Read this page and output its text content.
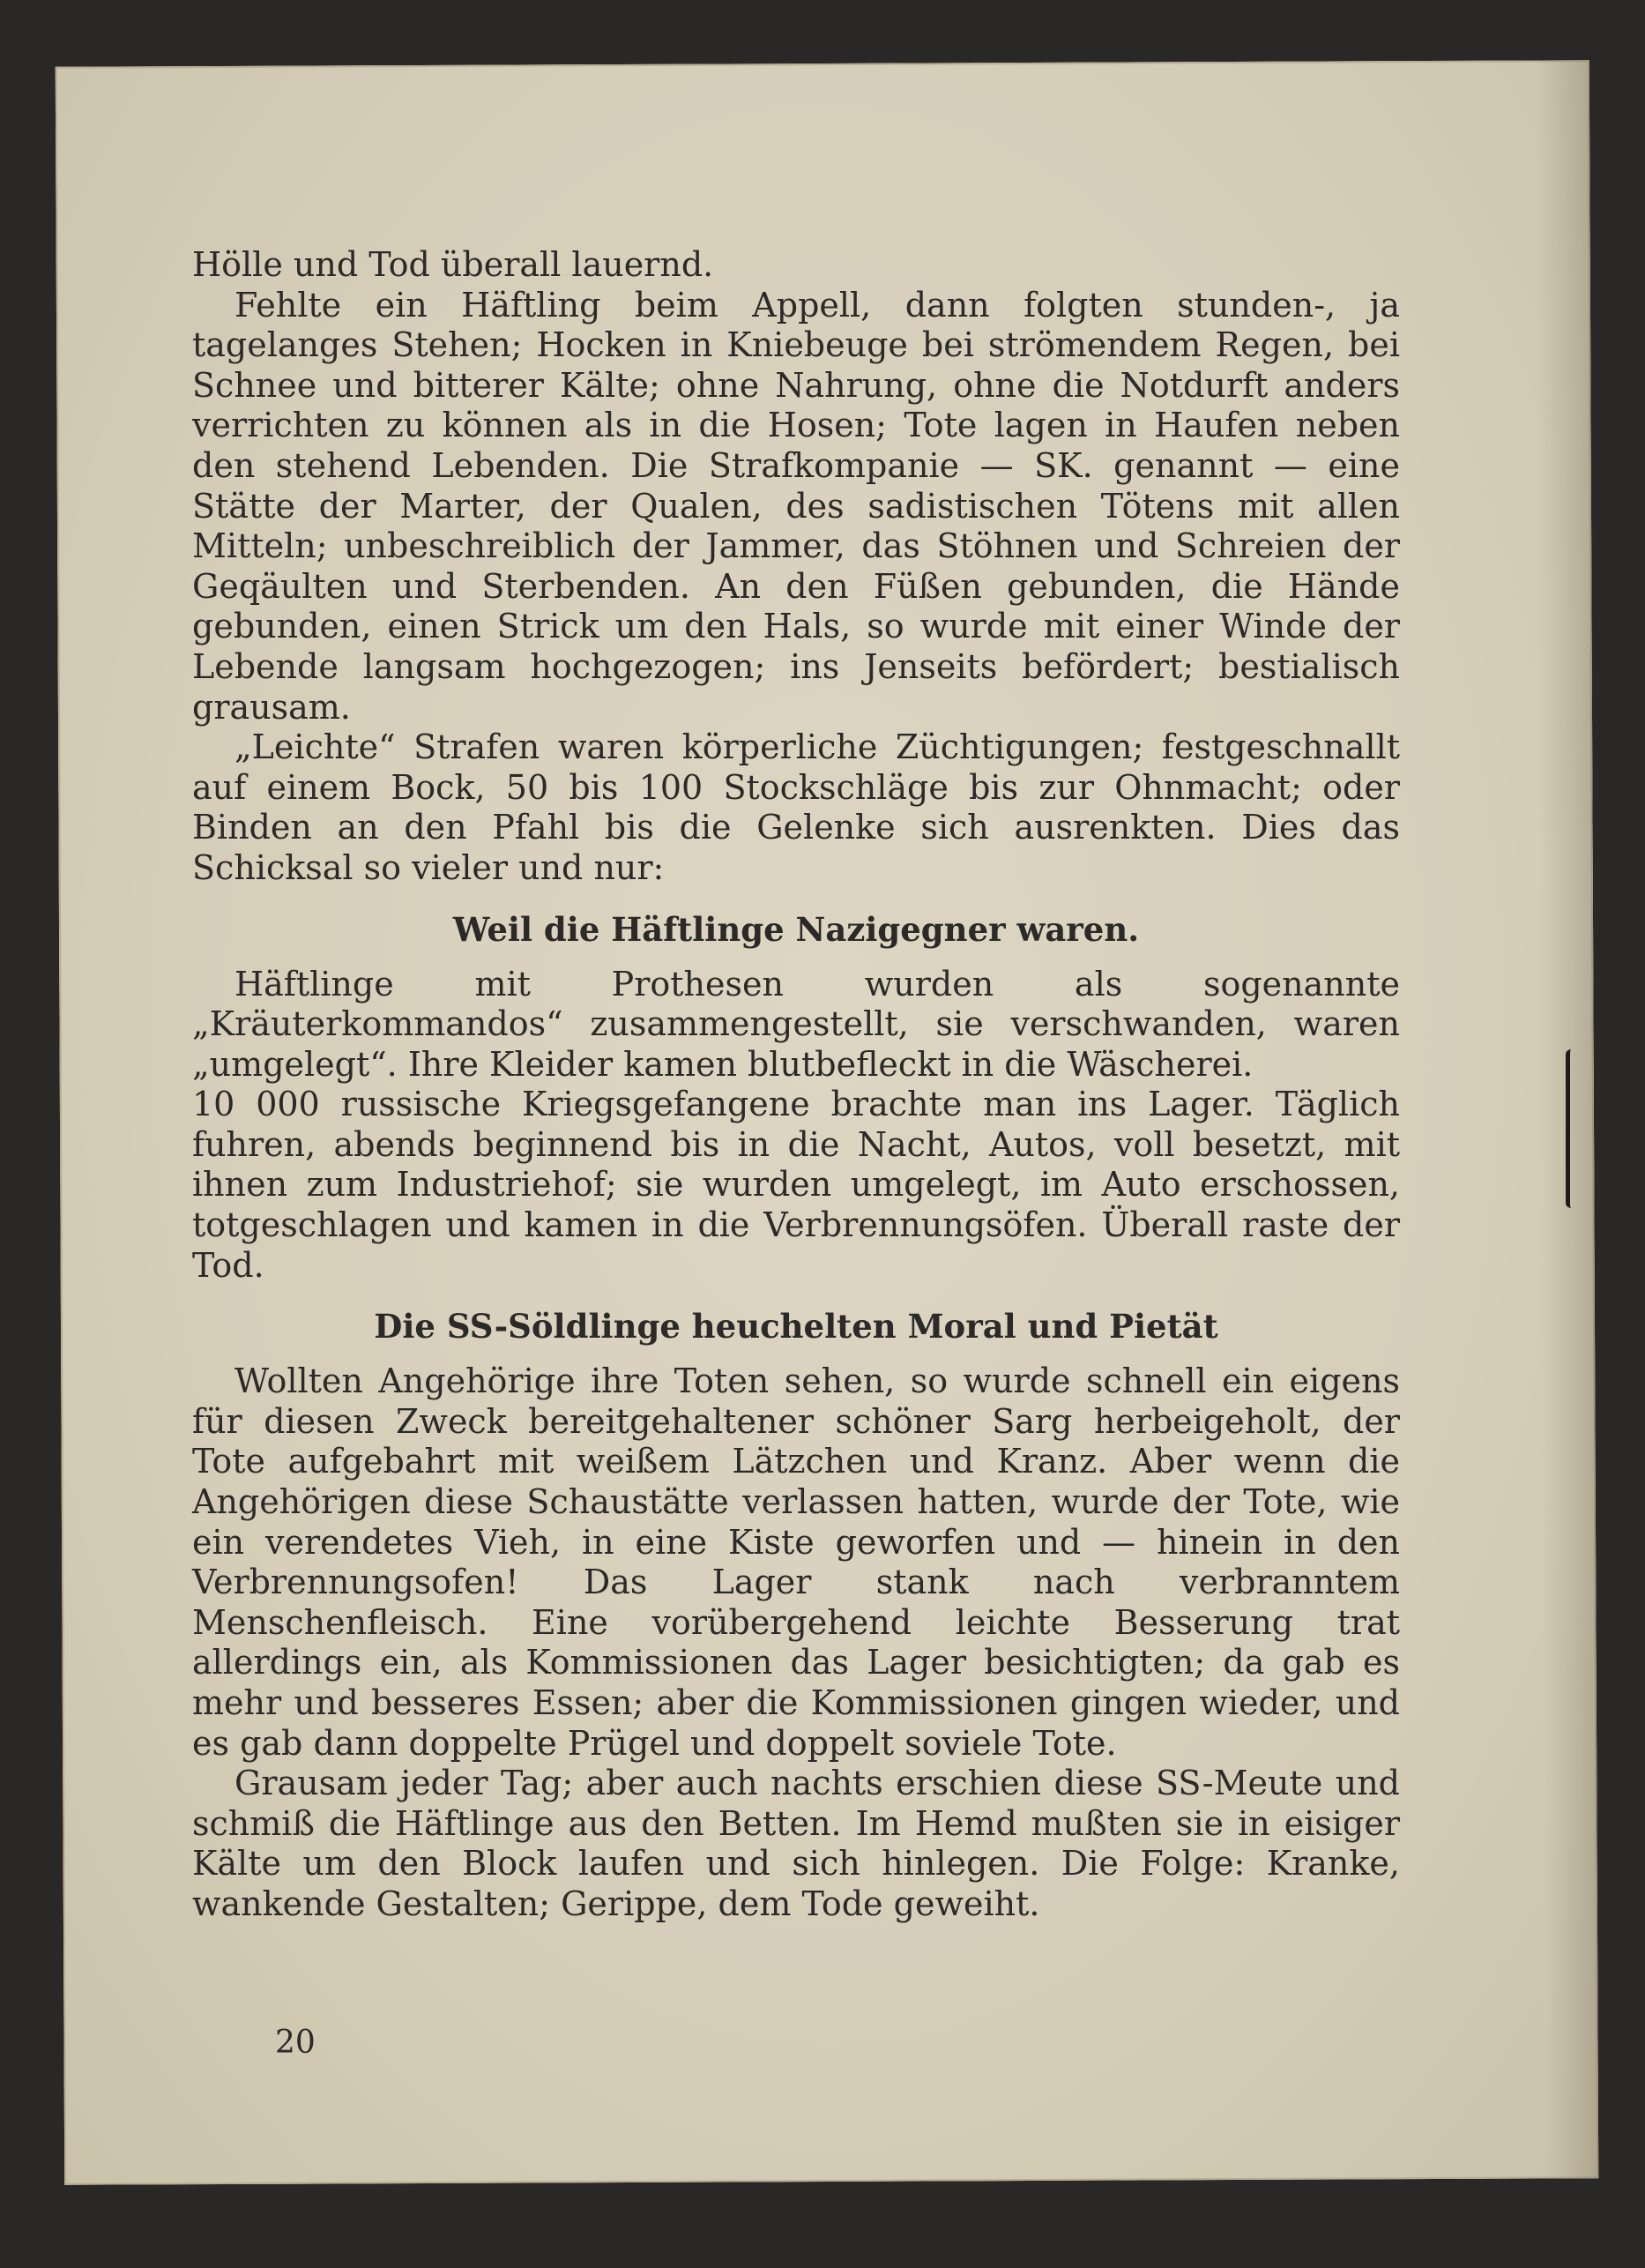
Hölle und Tod überall lauernd.

Fehlte ein Häftling beim Appell, dann folgten stunden-, ja tagelanges Stehen; Hocken in Kniebeuge bei strömendem Regen, bei Schnee und bitterer Kälte; ohne Nahrung, ohne die Notdurft anders verrichten zu können als in die Hosen; Tote lagen in Haufen neben den stehend Lebenden. Die Strafkompanie — SK. genannt — eine Stätte der Marter, der Qualen, des sadistischen Tötens mit allen Mitteln; unbeschreiblich der Jammer, das Stöhnen und Schreien der Geqäulten und Sterbenden. An den Füßen gebunden, die Hände gebunden, einen Strick um den Hals, so wurde mit einer Winde der Lebende langsam hochgezogen; ins Jenseits befördert; bestialisch grausam.

„Leichte“ Strafen waren körperliche Züchtigungen; festgeschnallt auf einem Bock, 50 bis 100 Stockschläge bis zur Ohnmacht; oder Binden an den Pfahl bis die Gelenke sich ausrenkten. Dies das Schicksal so vieler und nur:

Weil die Häftlinge Nazigegner waren.

Häftlinge mit Prothesen wurden als sogenannte „Kräuterkommandos“ zusammengestellt, sie verschwanden, waren „umgelegt“. Ihre Kleider kamen blutbefleckt in die Wäscherei.

10 000 russische Kriegsgefangene brachte man ins Lager. Täglich fuhren, abends beginnend bis in die Nacht, Autos, voll besetzt, mit ihnen zum Industriehof; sie wurden umgelegt, im Auto erschossen, totgeschlagen und kamen in die Verbrennungsöfen. Überall raste der Tod.

Die SS-Söldlinge heuchelten Moral und Pietät

Wollten Angehörige ihre Toten sehen, so wurde schnell ein eigens für diesen Zweck bereitgehaltener schöner Sarg herbeigeholt, der Tote aufgebahrt mit weißem Lätzchen und Kranz. Aber wenn die Angehörigen diese Schaustätte verlassen hatten, wurde der Tote, wie ein verendetes Vieh, in eine Kiste geworfen und — hinein in den Verbrennungsofen! Das Lager stank nach verbranntem Menschenfleisch. Eine vorübergehend leichte Besserung trat allerdings ein, als Kommissionen das Lager besichtigten; da gab es mehr und besseres Essen; aber die Kommissionen gingen wieder, und es gab dann doppelte Prügel und doppelt soviele Tote.

Grausam jeder Tag; aber auch nachts erschien diese SS-Meute und schmiß die Häftlinge aus den Betten. Im Hemd mußten sie in eisiger Kälte um den Block laufen und sich hinlegen. Die Folge: Kranke, wankende Gestalten; Gerippe, dem Tode geweiht.

20
